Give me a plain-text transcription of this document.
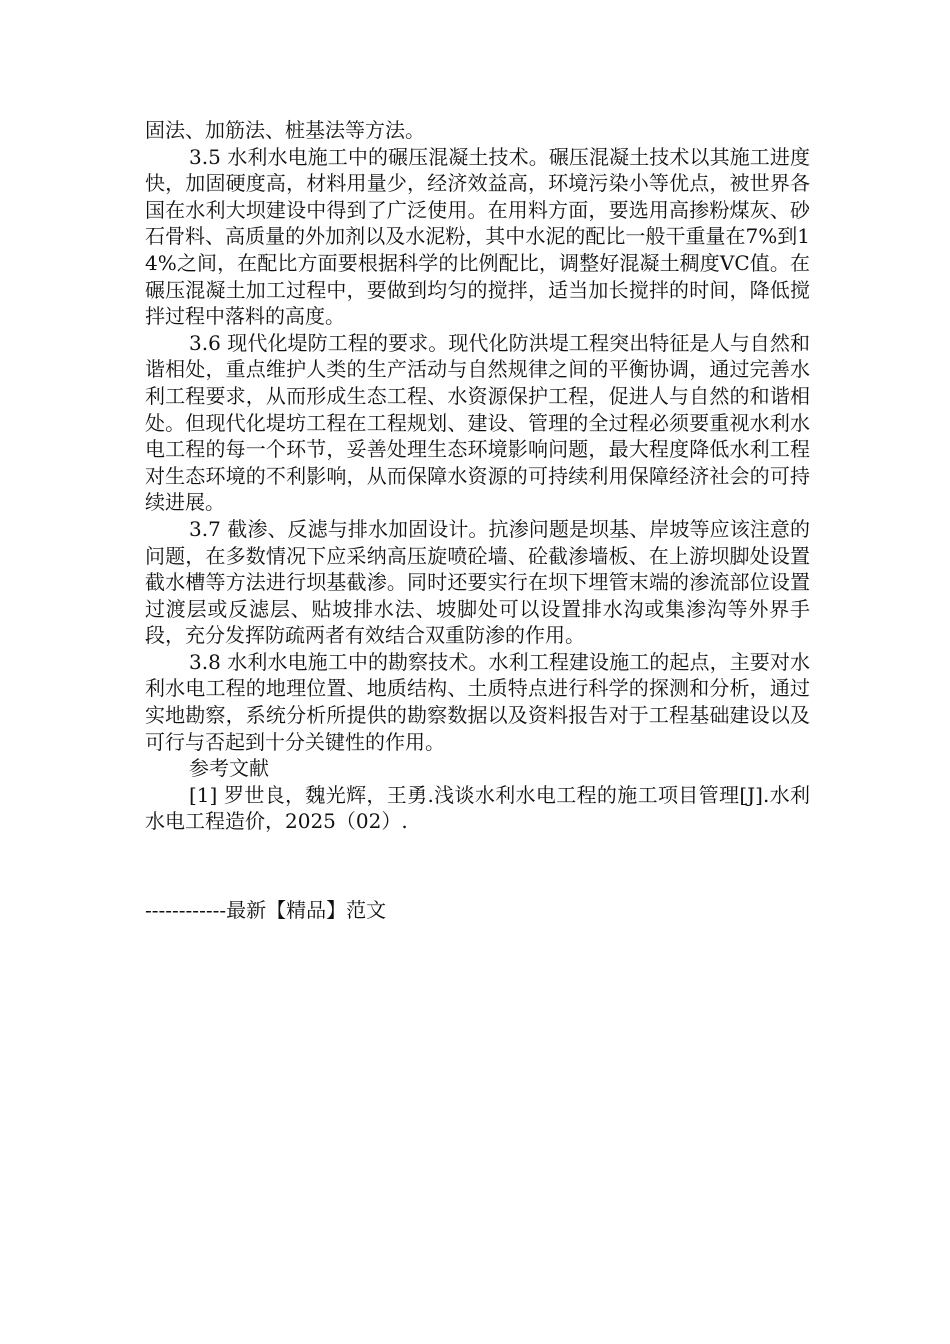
固法、加筋法、桩基法等方法。

3.5 水利水电施工中的碾压混凝土技术。碾压混凝土技术以其施工进度快，加固硬度高，材料用量少，经济效益高，环境污染小等优点，被世界各国在水利大坝建设中得到了广泛使用。在用料方面，要选用高掺粉煤灰、砂石骨料、高质量的外加剂以及水泥粉，其中水泥的配比一般干重量在7%到14%之间，在配比方面要根据科学的比例配比，调整好混凝土稠度VC值。在碾压混凝土加工过程中，要做到均匀的搅拌，适当加长搅拌的时间，降低搅拌过程中落料的高度。

3.6 现代化堤防工程的要求。现代化防洪堤工程突出特征是人与自然和谐相处，重点维护人类的生产活动与自然规律之间的平衡协调，通过完善水利工程要求，从而形成生态工程、水资源保护工程，促进人与自然的和谐相处。但现代化堤坊工程在工程规划、建设、管理的全过程必须要重视水利水电工程的每一个环节，妥善处理生态环境影响问题，最大程度降低水利工程对生态环境的不利影响，从而保障水资源的可持续利用保障经济社会的可持续进展。

3.7 截渗、反滤与排水加固设计。抗渗问题是坝基、岸坡等应该注意的问题，在多数情况下应采纳高压旋喷砼墙、砼截渗墙板、在上游坝脚处设置截水槽等方法进行坝基截渗。同时还要实行在坝下埋管末端的渗流部位设置过渡层或反滤层、贴坡排水法、坡脚处可以设置排水沟或集渗沟等外界手段，充分发挥防疏两者有效结合双重防渗的作用。

3.8 水利水电施工中的勘察技术。水利工程建设施工的起点，主要对水利水电工程的地理位置、地质结构、土质特点进行科学的探测和分析，通过实地勘察，系统分析所提供的勘察数据以及资料报告对于工程基础建设以及可行与否起到十分关键性的作用。

参考文献

[1] 罗世良，魏光辉，王勇.浅谈水利水电工程的施工项目管理[J].水利水电工程造价，2025（02）.

------------最新【精品】范文
